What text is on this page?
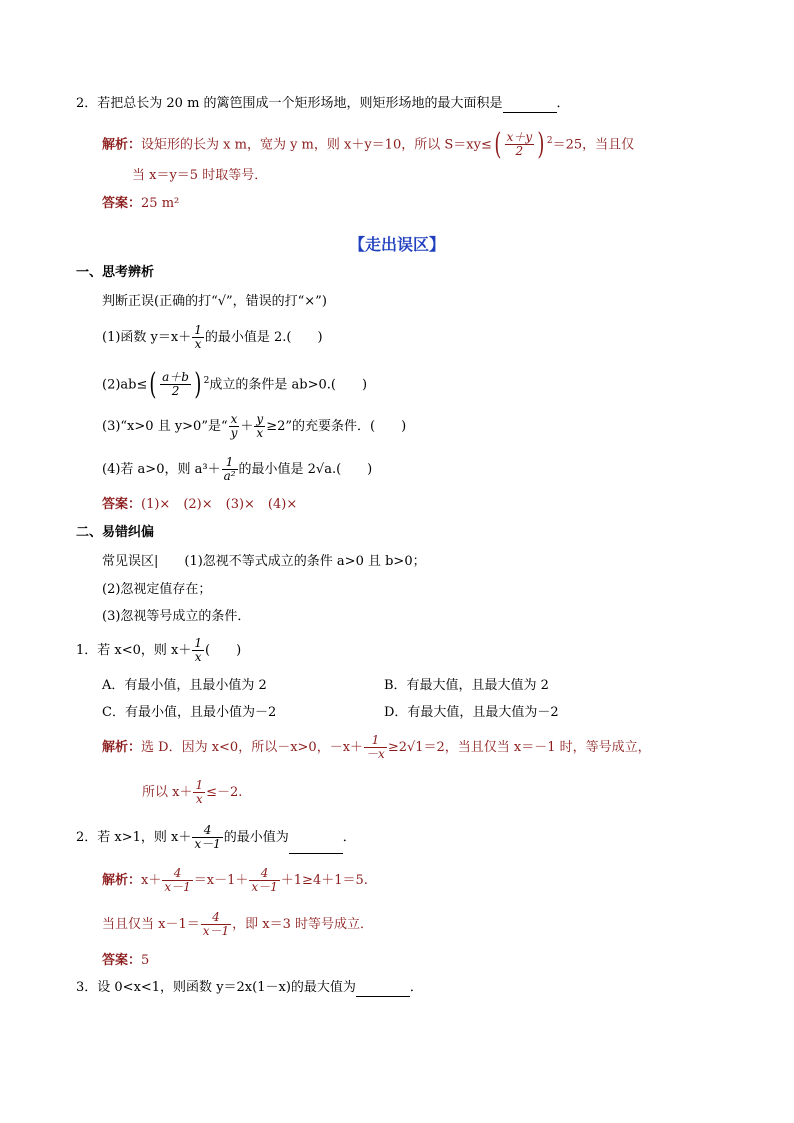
2．若把总长为 20 m 的篱笆围成一个矩形场地，则矩形场地的最大面积是	．
解析：设矩形的长为 x m，宽为 y m，则 x＋y＝10，所以 $S=xy\le( \frac{x+y}{2}$ ) $^2$＝25，当且仅
当 x＝y＝5 时取等号．
答案：25 m²
【走出误区】
一、思考辨析
判断正误(正确的打“√”，错误的打“×”)
(1)函数 $y=x+ \frac{1}{x}$ 的最小值是 2.(　　)
$(2)ab\le( \frac{a+b}{2}$ ) $^2$成立的条件是 ab>0.(　　)
(3)“x>0 且 y>0”是“ $\frac{x}{y} + \frac{y}{x} \ge 2$”的充要条件．(　　)
(4)若 a>0，则 $a^3+ \frac{1}{\text{a²}}$ 的最小值是 2√a.(　　)
答案：(1)×　(2)×　(3)×　(4)×
二、易错纠偏
常见误区|　　(1)忽视不等式成立的条件 a>0 且 b>0；
(2)忽视定值存在；
(3)忽视等号成立的条件．
1．若 x<0，则 $x+ \frac{1}{x}$ (　　)
A．有最小值，且最小值为 2	B．有最大值，且最大值为 2
C．有最小值，且最小值为－2	D．有最大值，且最大值为－2
解析：选 D．因为 x<0，所以－x>0，$-x+ \frac{1}{-x} \ge 2√1=2$，当且仅当 x＝－1 时，等号成立，
所以 $x+ \frac{1}{x} \le-2$.
2．若 x>1，则 $x+ \frac{4}{x-1}$ 的最小值为	．
解析：$x+ \frac{4}{x-1} =x-1+ \frac{4}{x-1} +1\ge 4+1=5$.
当且仅当 $x-1= \frac{4}{x-1}$ ，即 x＝3 时等号成立．
答案：5
3．设 0<x<1，则函数 y＝2x(1－x)的最大值为	．
